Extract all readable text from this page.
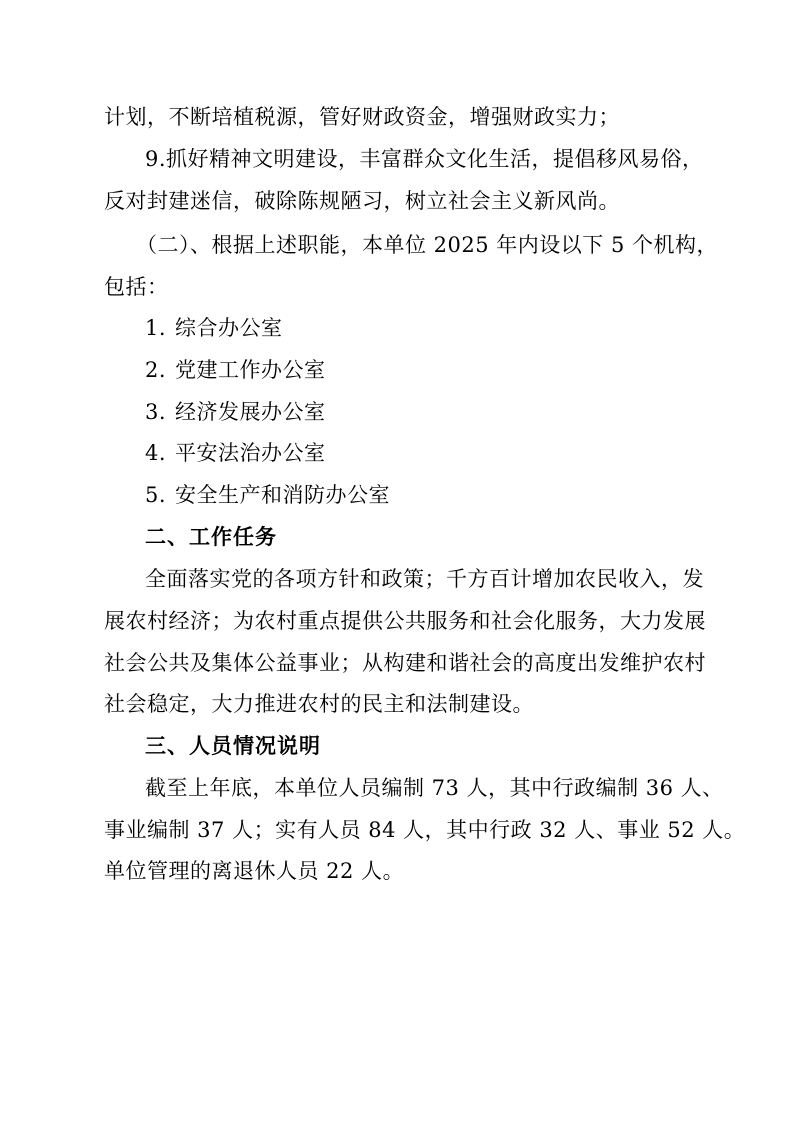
计划，不断培植税源，管好财政资金，增强财政实力；
9.抓好精神文明建设，丰富群众文化生活，提倡移风易俗，
反对封建迷信，破除陈规陋习，树立社会主义新风尚。
（二）、根据上述职能，本单位 2025 年内设以下 5 个机构，
包括：
1. 综合办公室
2. 党建工作办公室
3. 经济发展办公室
4. 平安法治办公室
5. 安全生产和消防办公室
二、工作任务
全面落实党的各项方针和政策；千方百计增加农民收入，发
展农村经济；为农村重点提供公共服务和社会化服务，大力发展
社会公共及集体公益事业；从构建和谐社会的高度出发维护农村
社会稳定，大力推进农村的民主和法制建设。
三、人员情况说明
截至上年底，本单位人员编制 73 人，其中行政编制 36 人、
事业编制 37 人；实有人员 84 人，其中行政 32 人、事业 52 人。
单位管理的离退休人员 22 人。
